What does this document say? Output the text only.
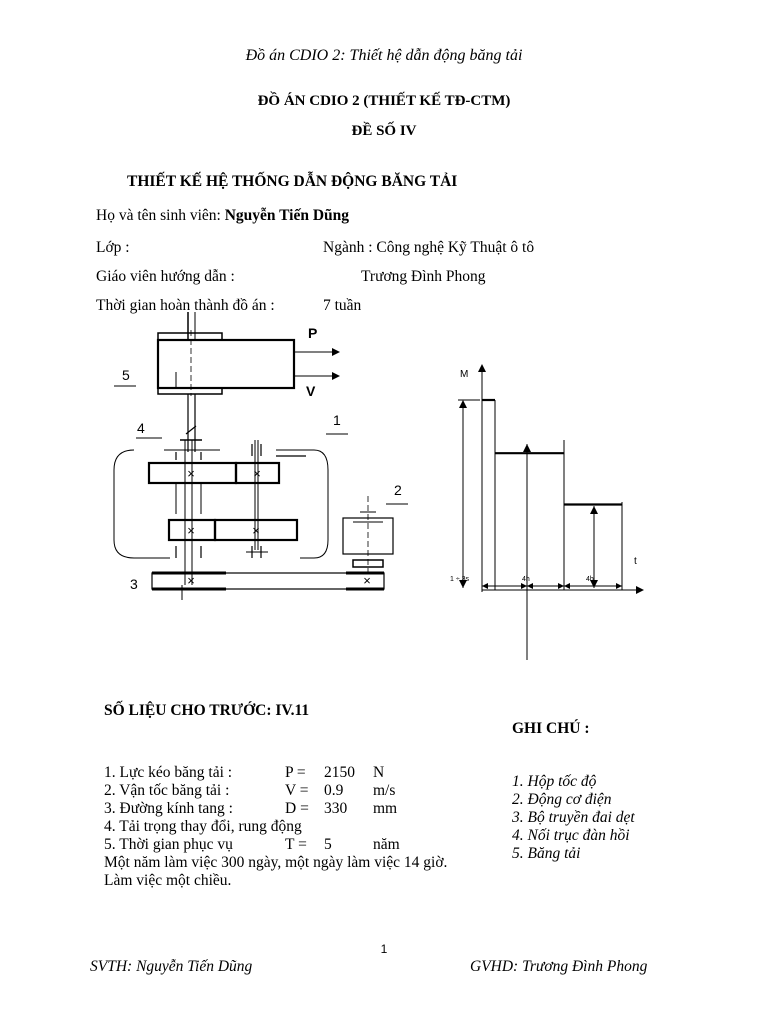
Đồ án CDIO 2: Thiết hệ dẫn động băng tải
ĐỒ ÁN CDIO 2 (THIẾT KẾ TĐ-CTM)
ĐỀ SỐ IV
THIẾT KẾ HỆ THỐNG DẪN ĐỘNG BĂNG TẢI
Họ và tên sinh viên: Nguyễn Tiến Dũng
Lớp :	Ngành : Công nghệ Kỹ Thuật ô tô
Giáo viên hướng dẫn :	Trương Đình Phong
Thời gian hoàn thành đồ án :	7 tuần
P
V
5
4	1
2
3
×	×
×	×
×	×
M
t
1 ÷ 3s	4h	4h
SỐ LIỆU CHO TRƯỚC: IV.11
GHI CHÚ :
1. Lực kéo băng tải :	P = 2150 N
2. Vận tốc băng tải :	V = 0.9 m/s
3. Đường kính tang :	D = 330 mm
4. Tải trọng thay đổi, rung động
5. Thời gian phục vụ	T = 5	năm
Một năm làm việc 300 ngày, một ngày làm việc 14 giờ.
Làm việc một chiều.
1. Hộp tốc độ
2. Động cơ điện
3. Bộ truyền đai dẹt
4. Nối trục đàn hồi
5. Băng tải
1
SVTH: Nguyễn Tiến Dũng	GVHD: Trương Đình Phong
